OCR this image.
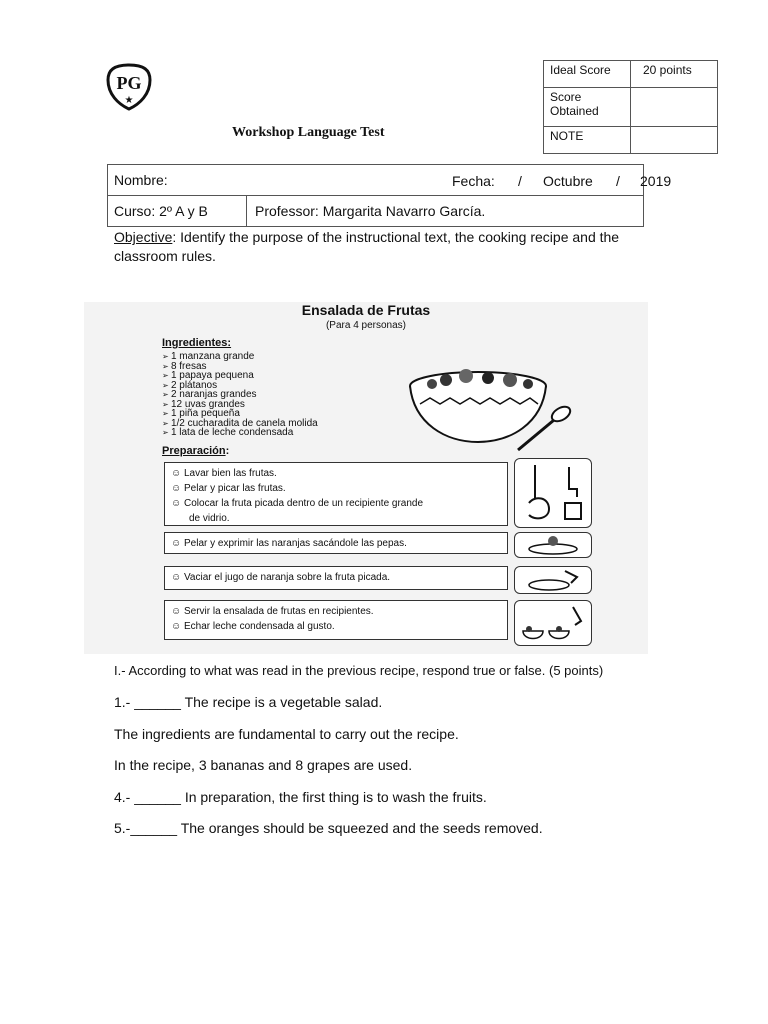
PG
★
Workshop Language Test
Ideal Score	20 points
Score Obtained	
NOTE	
Nombre:	Fecha: / Octubre / 2019

Curso: 2º A y B	Professor: Margarita Navarro García.
Objective: Identify the purpose of the instructional text, the cooking recipe and the classroom rules.
Ensalada de Frutas
(Para 4 personas)
Ingredientes:
➢ 1 manzana grande
➢ 8 fresas
➢ 1 papaya pequena
➢ 2 plátanos
➢ 2 naranjas grandes
➢ 12 uvas grandes
➢ 1 piña pequeña
➢ 1/2 cucharadita de canela molida
➢ 1 lata de leche condensada
Preparación:
☺ Lavar bien las frutas.
☺ Pelar y picar las frutas.
☺ Colocar la fruta picada dentro de un recipiente grande
de vidrio.
☺ Pelar y exprimir las naranjas sacándole las pepas.
☺ Vaciar el jugo de naranja sobre la fruta picada.
☺ Servir la ensalada de frutas en recipientes.
☺ Echar leche condensada al gusto.
I.- According to what was read in the previous recipe, respond true or false. (5 points)
1.- ______ The recipe is a vegetable salad.
The ingredients are fundamental to carry out the recipe.
In the recipe, 3 bananas and 8 grapes are used.
4.- ______ In preparation, the first thing is to wash the fruits.
5.-______ The oranges should be squeezed and the seeds removed.
